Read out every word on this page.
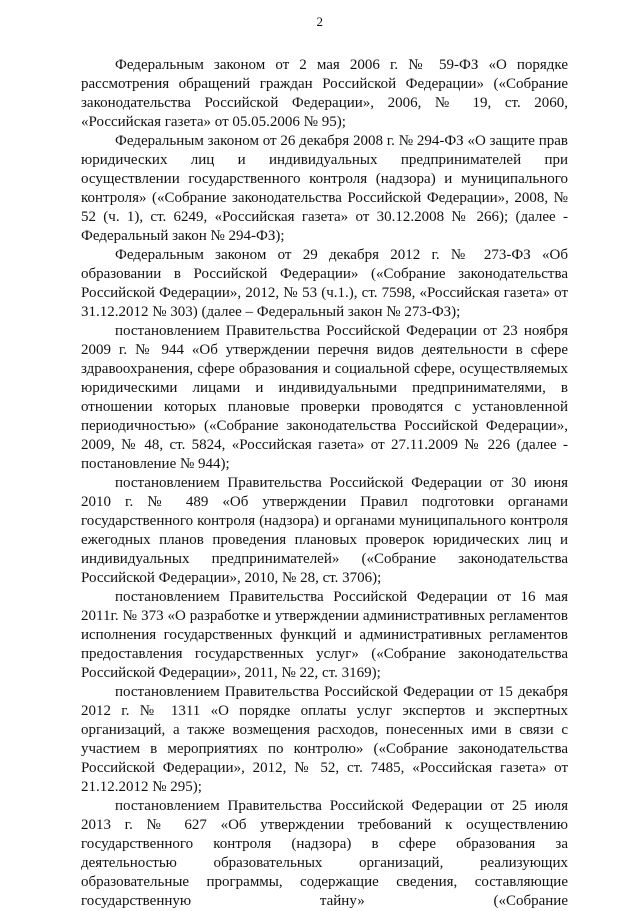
2

Федеральным законом от 2 мая 2006 г. № 59-ФЗ «О порядке рассмотрения обращений граждан Российской Федерации» («Собрание законодательства Российской Федерации», 2006, № 19, ст. 2060, «Российская газета» от 05.05.2006 № 95);

Федеральным законом от 26 декабря 2008 г. № 294-ФЗ «О защите прав юридических лиц и индивидуальных предпринимателей при осуществлении государственного контроля (надзора) и муниципального контроля» («Собрание законодательства Российской Федерации», 2008, № 52 (ч. 1), ст. 6249, «Российская газета» от 30.12.2008 № 266); (далее - Федеральный закон № 294-ФЗ);

Федеральным законом от 29 декабря 2012 г. № 273-ФЗ «Об образовании в Российской Федерации» («Собрание законодательства Российской Федерации», 2012, № 53 (ч.1.), ст. 7598, «Российская газета» от 31.12.2012 № 303) (далее – Федеральный закон № 273-ФЗ);

постановлением Правительства Российской Федерации от 23 ноября 2009 г. № 944 «Об утверждении перечня видов деятельности в сфере здравоохранения, сфере образования и социальной сфере, осуществляемых юридическими лицами и индивидуальными предпринимателями, в отношении которых плановые проверки проводятся с установленной периодичностью» («Собрание законодательства Российской Федерации», 2009, № 48, ст. 5824, «Российская газета» от 27.11.2009 № 226 (далее - постановление № 944);

постановлением Правительства Российской Федерации от 30 июня 2010 г. № 489 «Об утверждении Правил подготовки органами государственного контроля (надзора) и органами муниципального контроля ежегодных планов проведения плановых проверок юридических лиц и индивидуальных предпринимателей» («Собрание законодательства Российской Федерации», 2010, № 28, ст. 3706);

постановлением Правительства Российской Федерации от 16 мая 2011г. № 373 «О разработке и утверждении административных регламентов исполнения государственных функций и административных регламентов предоставления государственных услуг» («Собрание законодательства Российской Федерации», 2011, № 22, ст. 3169);

постановлением Правительства Российской Федерации от 15 декабря 2012 г. № 1311 «О порядке оплаты услуг экспертов и экспертных организаций, а также возмещения расходов, понесенных ими в связи с участием в мероприятиях по контролю» («Собрание законодательства Российской Федерации», 2012, № 52, ст. 7485, «Российская газета» от 21.12.2012 № 295);

постановлением Правительства Российской Федерации от 25 июля 2013 г. № 627 «Об утверждении требований к осуществлению государственного контроля (надзора) в сфере образования за деятельностью образовательных организаций, реализующих образовательные программы, содержащие сведения, составляющие государственную тайну» («Собрание
